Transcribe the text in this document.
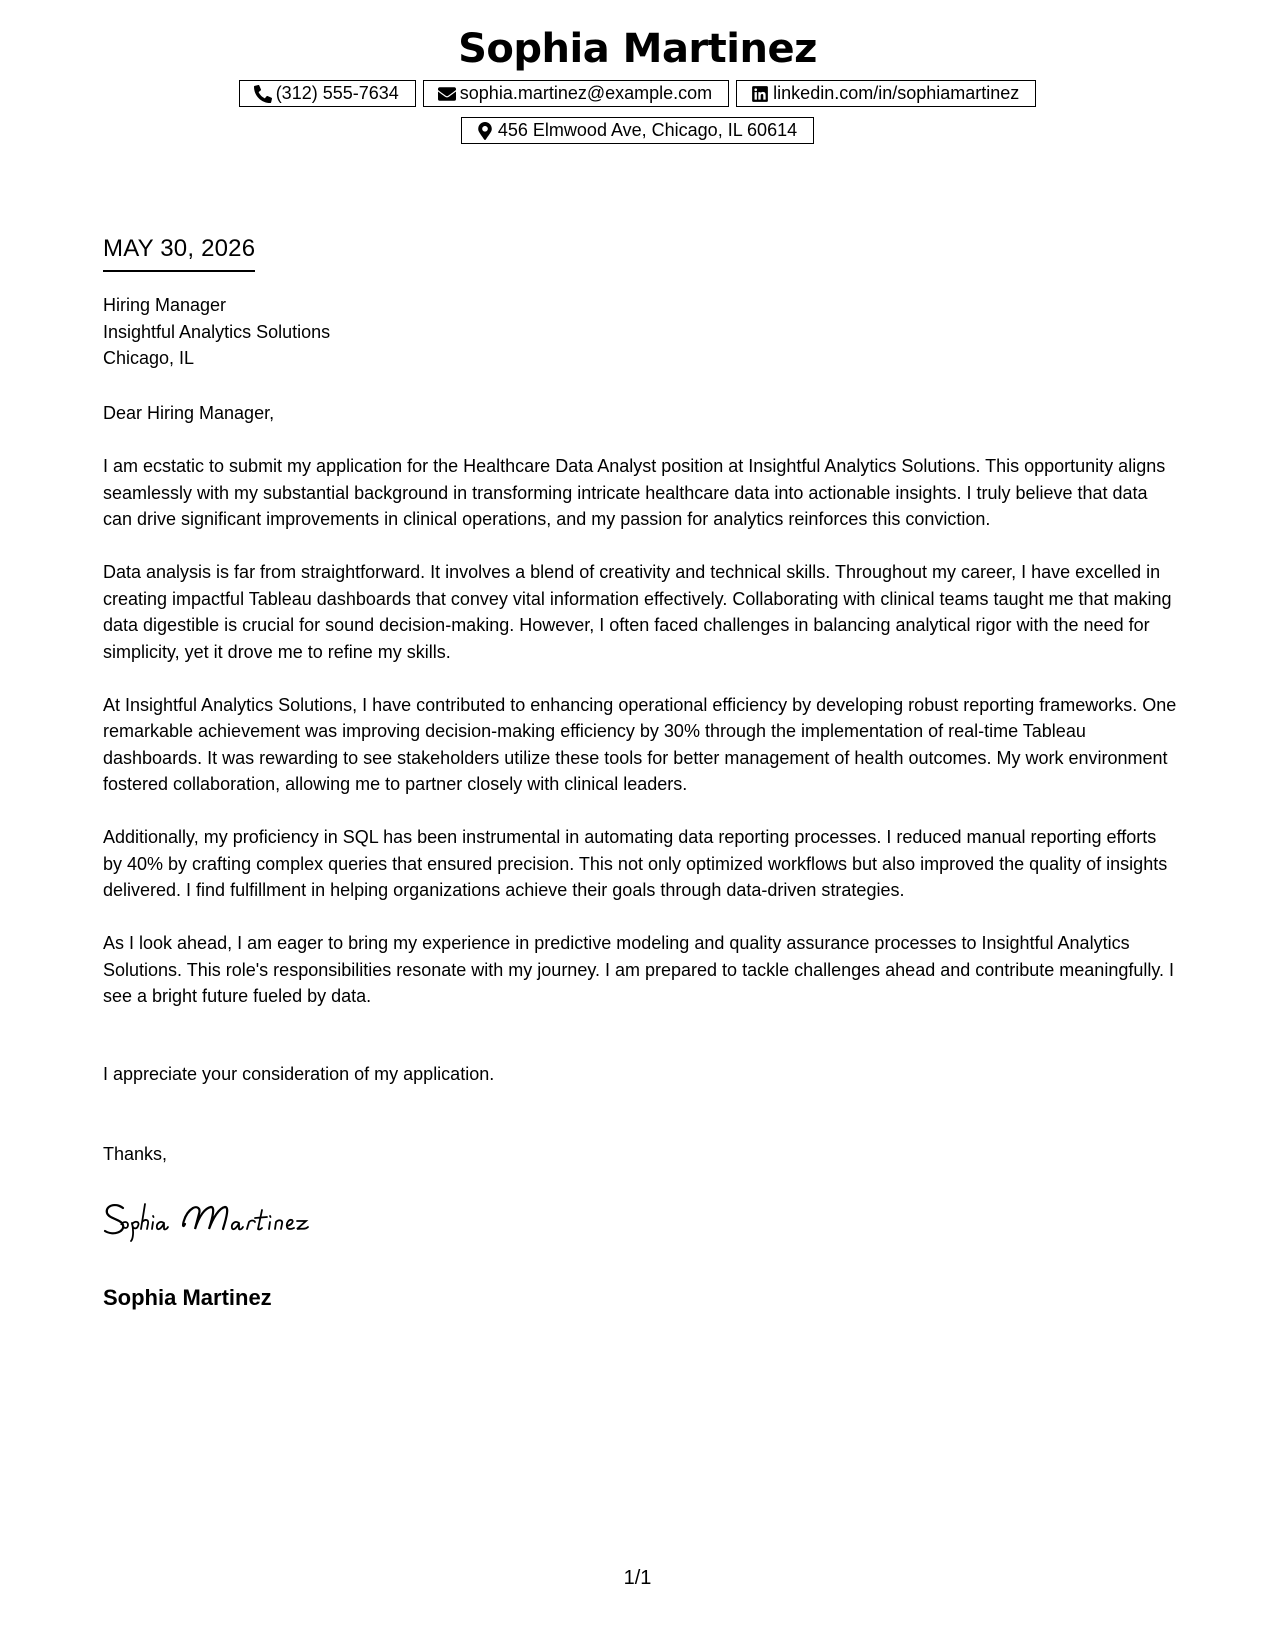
Sophia Martinez
(312) 555-7634	sophia.martinez@example.com	linkedin.com/in/sophiamartinez
456 Elmwood Ave, Chicago, IL 60614
MAY 30, 2026
Hiring Manager
Insightful Analytics Solutions
Chicago, IL
Dear Hiring Manager,

I am ecstatic to submit my application for the Healthcare Data Analyst position at Insightful Analytics Solutions. This opportunity aligns seamlessly with my substantial background in transforming intricate healthcare data into actionable insights. I truly believe that data can drive significant improvements in clinical operations, and my passion for analytics reinforces this conviction.

Data analysis is far from straightforward. It involves a blend of creativity and technical skills. Throughout my career, I have excelled in creating impactful Tableau dashboards that convey vital information effectively. Collaborating with clinical teams taught me that making data digestible is crucial for sound decision-making. However, I often faced challenges in balancing analytical rigor with the need for simplicity, yet it drove me to refine my skills.

At Insightful Analytics Solutions, I have contributed to enhancing operational efficiency by developing robust reporting frameworks. One remarkable achievement was improving decision-making efficiency by 30% through the implementation of real-time Tableau dashboards. It was rewarding to see stakeholders utilize these tools for better management of health outcomes. My work environment fostered collaboration, allowing me to partner closely with clinical leaders.

Additionally, my proficiency in SQL has been instrumental in automating data reporting processes. I reduced manual reporting efforts by 40% by crafting complex queries that ensured precision. This not only optimized workflows but also improved the quality of insights delivered. I find fulfillment in helping organizations achieve their goals through data-driven strategies.

As I look ahead, I am eager to bring my experience in predictive modeling and quality assurance processes to Insightful Analytics Solutions. This role's responsibilities resonate with my journey. I am prepared to tackle challenges ahead and contribute meaningfully. I see a bright future fueled by data.

I appreciate your consideration of my application.
Thanks,
Sophia Martinez
1/1
